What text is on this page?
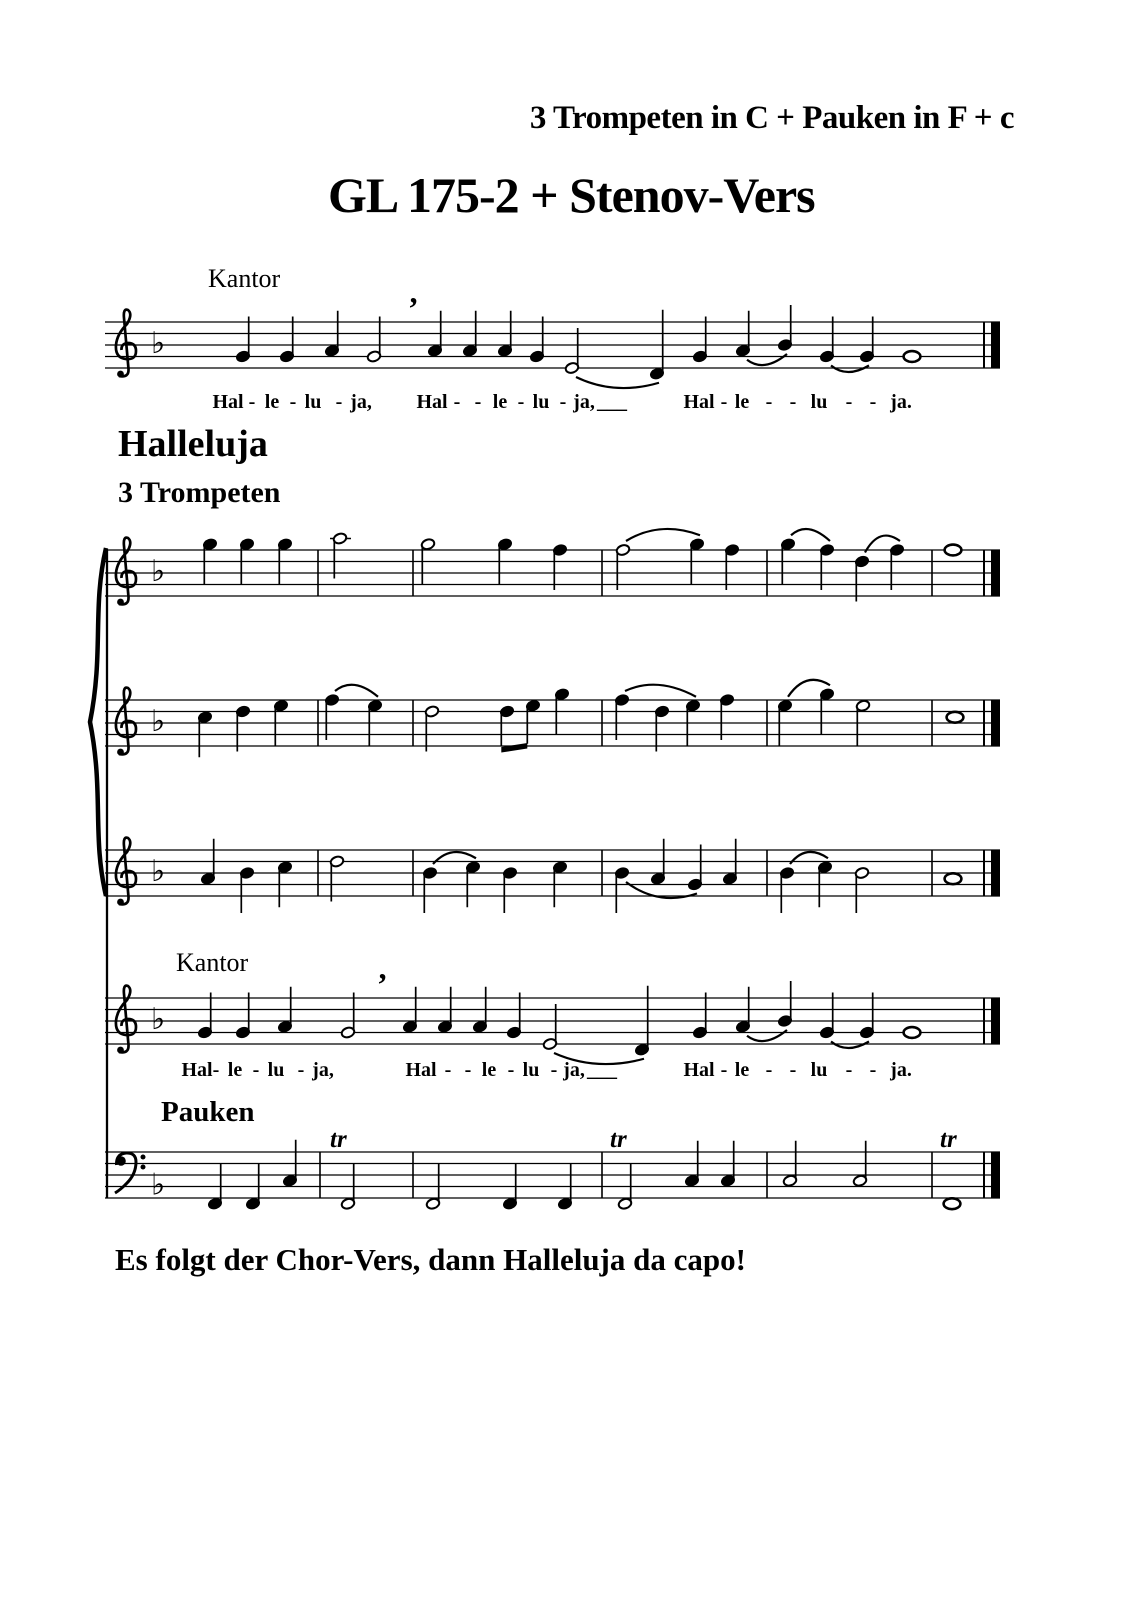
3 Trompeten in C + Pauken in F + c
GL 175-2 + Stenov-Vers
Kantor
Halleluja
3 Trompeten
Kantor
Pauken
Es folgt der Chor-Vers, dann Halleluja da capo!
♭
’
♭
♭
♭
♭
’
♭
tr	tr	tr
Hal - le - lu - ja, Hal - - le - lu - ja, ___	Hal - le - - lu - - ja.
Hal - le - lu - ja,	Hal - - le - lu - ja, ___	Hal - le - - lu - - ja.
